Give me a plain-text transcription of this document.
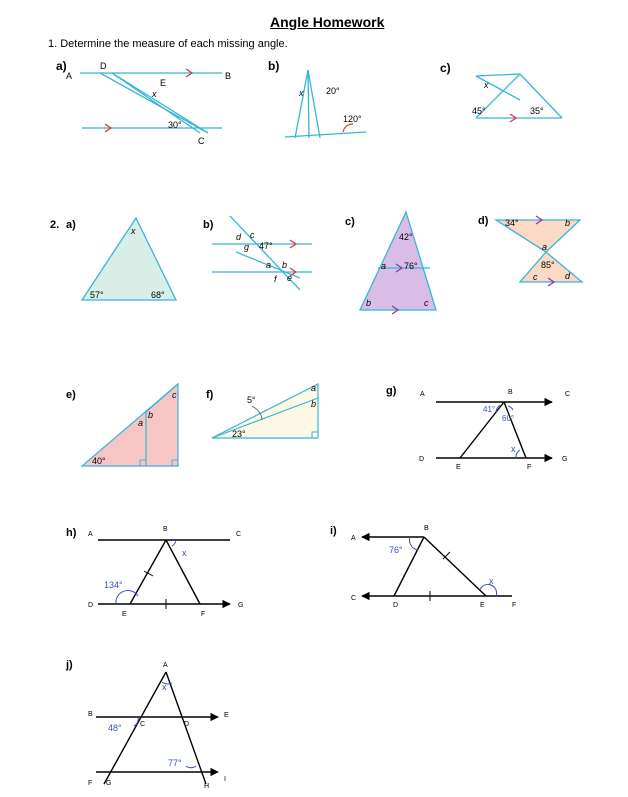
Angle Homework
1. Determine the measure of each missing angle.
a)
A
D
B
E
x
30°
C
b)
x	20°
120°
c)
x
45°	35°
2. a)	x
57°	68°
b)
d c
g 47°
a b
f e
c)
42°
76°
a
b	c
d) 34°	b
a
85°
c	d
e)
40°
a
b
c	f)	5°
23°
a
b
g)	A	B	C
D
E	F
G
41°
60°
x
h) A
B
C
D
E	F
G
134°
x
i)
A
B
C
D	E	F
76°
x
j)	A
B
C	D
E
F G	H
I
48°
77°
x
